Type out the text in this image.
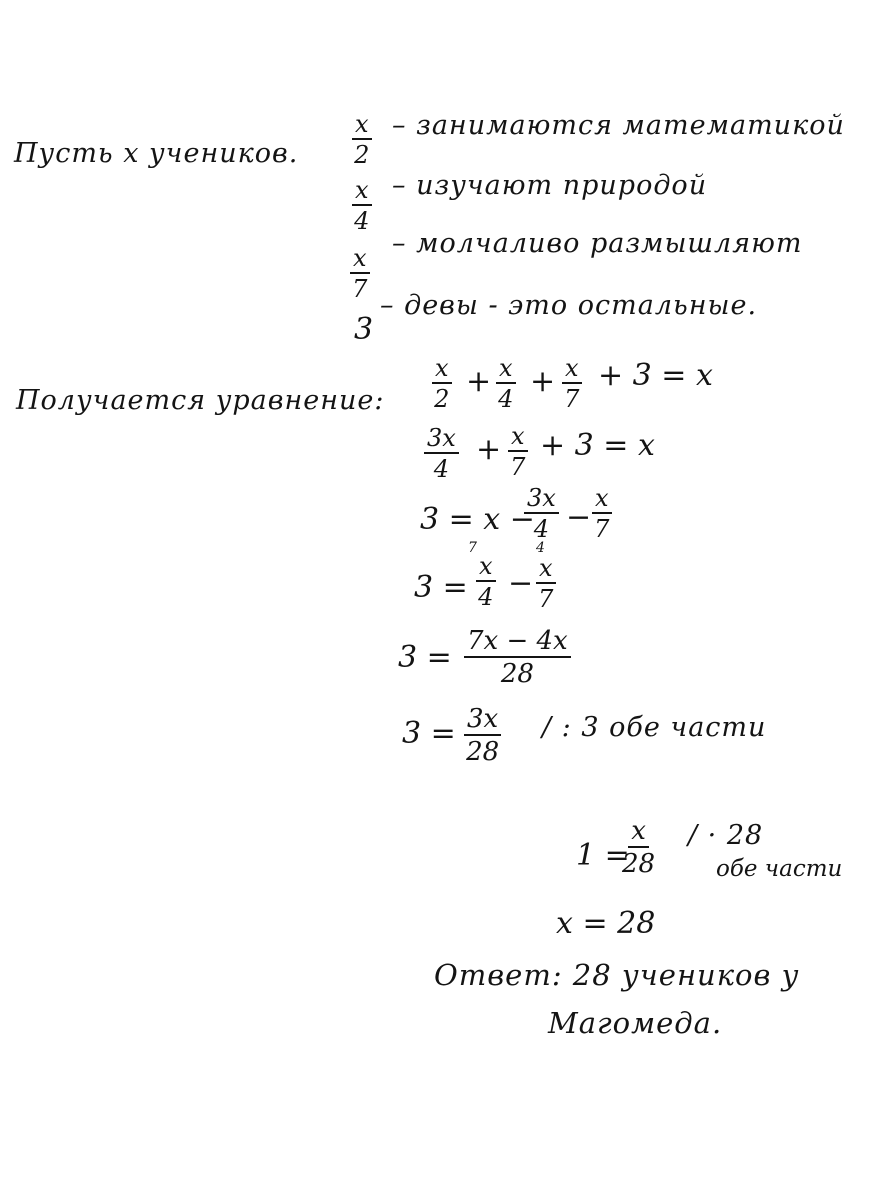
Пусть x учеников. $\frac{x}{2}$ – занимаются математикой
$\frac{x}{4}$ – изучают природой
$\frac{x}{7}$
– молчаливо размышляют
3
– девы - это остальные.
Получается уравнение: $\frac{x}{2} + \frac{x}{4} + \frac{x}{7} + 3 = x$
$\frac{3x}{4} + \frac{x}{7} + 3 = x$
3 = x −
$\frac{3x}{4} - \frac{x}{7}$
3 =
7
$\frac{x}{4}$ −
4
$\frac{x}{7}$
$3 = \frac{7x - 4x}{28}$
$3 = \frac{3x}{28}$ / : 3 обе части
1 =
$\frac{x}{28}$ / · 28
обе части
x = 28
Ответ: 28 учеников у
Магомеда.
